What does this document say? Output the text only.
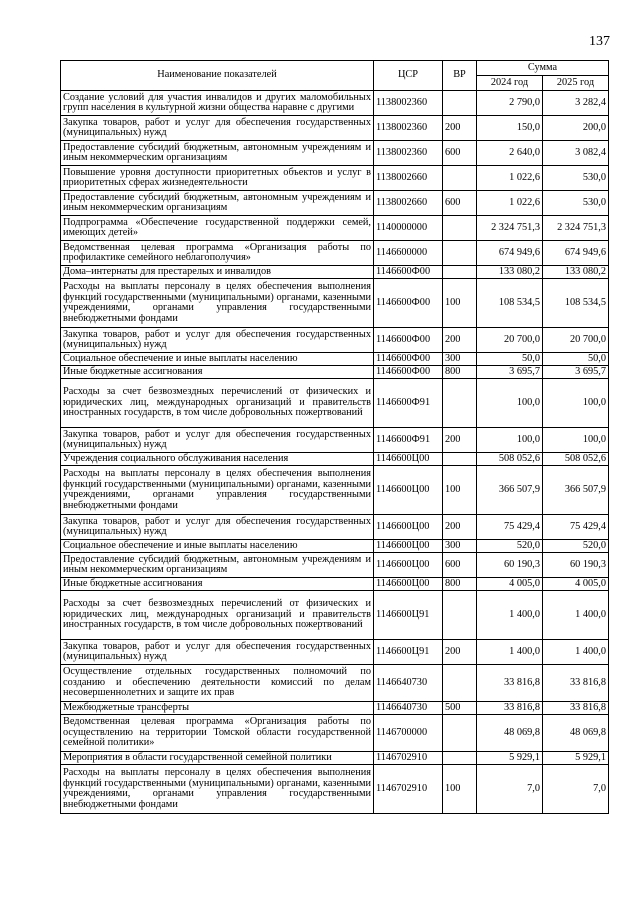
137
Наименование показателей	ЦСР	ВР	Сумма	
			2024 год	2025 год
Создание условий для участия инвалидов и других маломобильных групп населения в культурной жизни общества наравне с другими	1138002360		2 790,0	3 282,4
Закупка товаров, работ и услуг для обеспечения государственных (муниципальных) нужд	1138002360	200	150,0	200,0
Предоставление субсидий бюджетным, автономным учреждениям и иным некоммерческим организациям	1138002360	600	2 640,0	3 082,4
Повышение уровня доступности приоритетных объектов и услуг в приоритетных сферах жизнедеятельности	1138002660		1 022,6	530,0
Предоставление субсидий бюджетным, автономным учреждениям и иным некоммерческим организациям	1138002660	600	1 022,6	530,0
Подпрограмма «Обеспечение государственной поддержки семей, имеющих детей»	1140000000		2 324 751,3	2 324 751,3
Ведомственная целевая программа «Организация работы по профилактике семейного неблагополучия»	1146600000		674 949,6	674 949,6
Дома–интернаты для престарелых и инвалидов	1146600Ф00		133 080,2	133 080,2
Расходы на выплаты персоналу в целях обеспечения выполнения функций государственными (муниципальными) органами, казенными учреждениями, органами управления государственными внебюджетными фондами	1146600Ф00	100	108 534,5	108 534,5
Закупка товаров, работ и услуг для обеспечения государственных (муниципальных) нужд	1146600Ф00	200	20 700,0	20 700,0
Социальное обеспечение и иные выплаты населению	1146600Ф00	300	50,0	50,0
Иные бюджетные ассигнования	1146600Ф00	800	3 695,7	3 695,7
Расходы за счет безвозмездных перечислений от физических и юридических лиц, международных организаций и правительств иностранных государств, в том числе добровольных пожертвований	1146600Ф91		100,0	100,0
Закупка товаров, работ и услуг для обеспечения государственных (муниципальных) нужд	1146600Ф91	200	100,0	100,0
Учреждения социального обслуживания населения	1146600Ц00		508 052,6	508 052,6
Расходы на выплаты персоналу в целях обеспечения выполнения функций государственными (муниципальными) органами, казенными учреждениями, органами управления государственными внебюджетными фондами	1146600Ц00	100	366 507,9	366 507,9
Закупка товаров, работ и услуг для обеспечения государственных (муниципальных) нужд	1146600Ц00	200	75 429,4	75 429,4
Социальное обеспечение и иные выплаты населению	1146600Ц00	300	520,0	520,0
Предоставление субсидий бюджетным, автономным учреждениям и иным некоммерческим организациям	1146600Ц00	600	60 190,3	60 190,3
Иные бюджетные ассигнования	1146600Ц00	800	4 005,0	4 005,0
Расходы за счет безвозмездных перечислений от физических и юридических лиц, международных организаций и правительств иностранных государств, в том числе добровольных пожертвований	1146600Ц91		1 400,0	1 400,0
Закупка товаров, работ и услуг для обеспечения государственных (муниципальных) нужд	1146600Ц91	200	1 400,0	1 400,0
Осуществление отдельных государственных полномочий по созданию и обеспечению деятельности комиссий по делам несовершеннолетних и защите их прав	1146640730		33 816,8	33 816,8
Межбюджетные трансферты	1146640730	500	33 816,8	33 816,8
Ведомственная целевая программа «Организация работы по осуществлению на территории Томской области государственной семейной политики»	1146700000		48 069,8	48 069,8
Мероприятия в области государственной семейной политики	1146702910		5 929,1	5 929,1
Расходы на выплаты персоналу в целях обеспечения выполнения функций государственными (муниципальными) органами, казенными учреждениями, органами управления государственными внебюджетными фондами	1146702910	100	7,0	7,0
